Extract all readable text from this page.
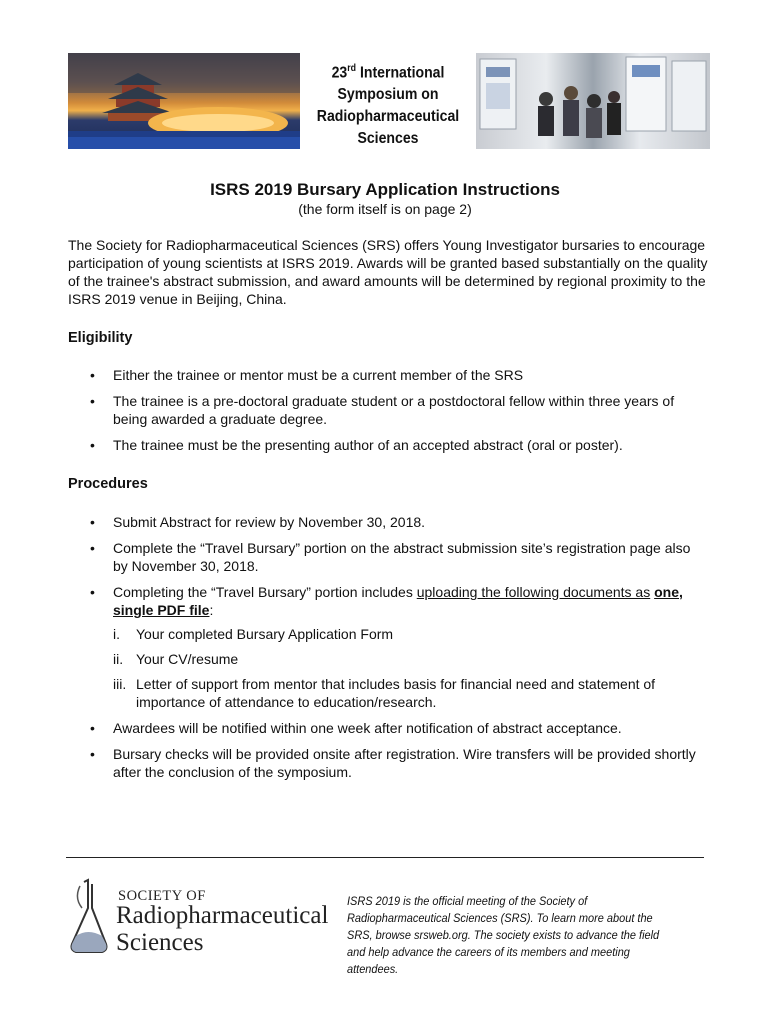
23rd International
Symposium on
Radiopharmaceutical
Sciences
ISRS 2019 Bursary Application Instructions
(the form itself is on page 2)
The Society for Radiopharmaceutical Sciences (SRS) offers Young Investigator bursaries to encourage participation of young scientists at ISRS 2019. Awards will be granted based substantially on the quality of the trainee's abstract submission, and award amounts will be determined by regional proximity to the ISRS 2019 venue in Beijing, China.
Eligibility
• Either the trainee or mentor must be a current member of the SRS
• The trainee is a pre-doctoral graduate student or a postdoctoral fellow within three years of being awarded a graduate degree.
• The trainee must be the presenting author of an accepted abstract (oral or poster).
Procedures
• Submit Abstract for review by November 30, 2018.
• Complete the “Travel Bursary” portion on the abstract submission site’s registration page also by November 30, 2018.
• Completing the “Travel Bursary” portion includes uploading the following documents as one, single PDF file:
i. Your completed Bursary Application Form
ii. Your CV/resume
iii. Letter of support from mentor that includes basis for financial need and statement of importance of attendance to education/research.
• Awardees will be notified within one week after notification of abstract acceptance.
• Bursary checks will be provided onsite after registration. Wire transfers will be provided shortly after the conclusion of the symposium.
SOCIETY OF
Radiopharmaceutical
Sciences
ISRS 2019 is the official meeting of the Society of Radiopharmaceutical Sciences (SRS). To learn more about the SRS, browse srsweb.org. The society exists to advance the field and help advance the careers of its members and meeting attendees.
